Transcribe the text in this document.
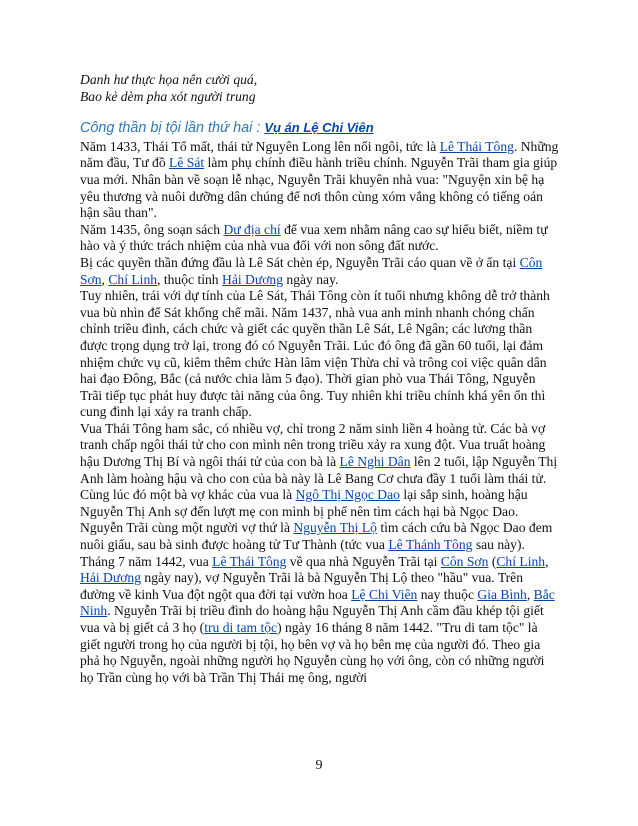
Danh hư thực họa nên cười quá,
Bao kẻ dèm pha xót người trung
Công thần bị tội lần thứ hai : Vụ án Lệ Chi Viên

Năm 1433, Thái Tổ mất, thái tử Nguyên Long lên nối ngôi, tức là Lê Thái Tông. Những năm đầu, Tư đồ Lê Sát làm phụ chính điều hành triều chính. Nguyễn Trãi tham gia giúp vua mới. Nhân bàn về soạn lễ nhạc, Nguyễn Trãi khuyên nhà vua: "Nguyện xin bệ hạ yêu thương và nuôi dưỡng dân chúng để nơi thôn cùng xóm vắng không có tiếng oán hận sầu than".

Năm 1435, ông soạn sách Dư địa chí để vua xem nhằm nâng cao sự hiểu biết, niềm tự hào và ý thức trách nhiệm của nhà vua đối với non sông đất nước.

Bị các quyền thần đứng đầu là Lê Sát chèn ép, Nguyễn Trãi cáo quan về ở ẩn tại Côn Sơn, Chí Linh, thuộc tỉnh Hải Dương ngày nay.

Tuy nhiên, trái với dự tính của Lê Sát, Thái Tông còn ít tuổi nhưng không dễ trở thành vua bù nhìn để Sát khống chế mãi. Năm 1437, nhà vua anh minh nhanh chóng chấn chỉnh triều đình, cách chức và giết các quyền thần Lê Sát, Lê Ngân; các lương thần được trọng dụng trở lại, trong đó có Nguyễn Trãi. Lúc đó ông đã gần 60 tuổi, lại đảm nhiệm chức vụ cũ, kiêm thêm chức Hàn lâm viện Thừa chỉ và trông coi việc quân dân hai đạo Đông, Bắc (cả nước chia làm 5 đạo). Thời gian phò vua Thái Tông, Nguyễn Trãi tiếp tục phát huy được tài năng của ông. Tuy nhiên khi triều chính khá yên ổn thì cung đình lại xảy ra tranh chấp.

Vua Thái Tông ham sắc, có nhiều vợ, chỉ trong 2 năm sinh liền 4 hoàng tử. Các bà vợ tranh chấp ngôi thái tử cho con mình nên trong triều xảy ra xung đột. Vua truất hoàng hậu Dương Thị Bí và ngôi thái tử của con bà là Lê Nghi Dân lên 2 tuổi, lập Nguyễn Thị Anh làm hoàng hậu và cho con của bà này là Lê Bang Cơ chưa đầy 1 tuổi làm thái tử. Cùng lúc đó một bà vợ khác của vua là Ngô Thị Ngọc Dao lại sắp sinh, hoàng hậu Nguyễn Thị Anh sợ đến lượt mẹ con mình bị phế nên tìm cách hại bà Ngọc Dao. Nguyễn Trãi cùng một người vợ thứ là Nguyễn Thị Lộ tìm cách cứu bà Ngọc Dao đem nuôi giấu, sau bà sinh được hoàng tử Tư Thành (tức vua Lê Thánh Tông sau này).

Tháng 7 năm 1442, vua Lê Thái Tông về qua nhà Nguyễn Trãi tại Côn Sơn (Chí Linh, Hải Dương ngày nay), vợ Nguyễn Trãi là bà Nguyễn Thị Lộ theo "hầu" vua. Trên đường về kinh Vua đột ngột qua đời tại vườn hoa Lệ Chi Viên nay thuộc Gia Bình, Bắc Ninh. Nguyễn Trãi bị triều đình do hoàng hậu Nguyễn Thị Anh cầm đầu khép tội giết vua và bị giết cả 3 họ (tru di tam tộc) ngày 16 tháng 8 năm 1442. "Tru di tam tộc" là giết người trong họ của người bị tội, họ bên vợ và họ bên mẹ của người đó. Theo gia phả họ Nguyễn, ngoài những người họ Nguyễn cùng họ với ông, còn có những người họ Trần cùng họ với bà Trần Thị Thái mẹ ông, người

9
